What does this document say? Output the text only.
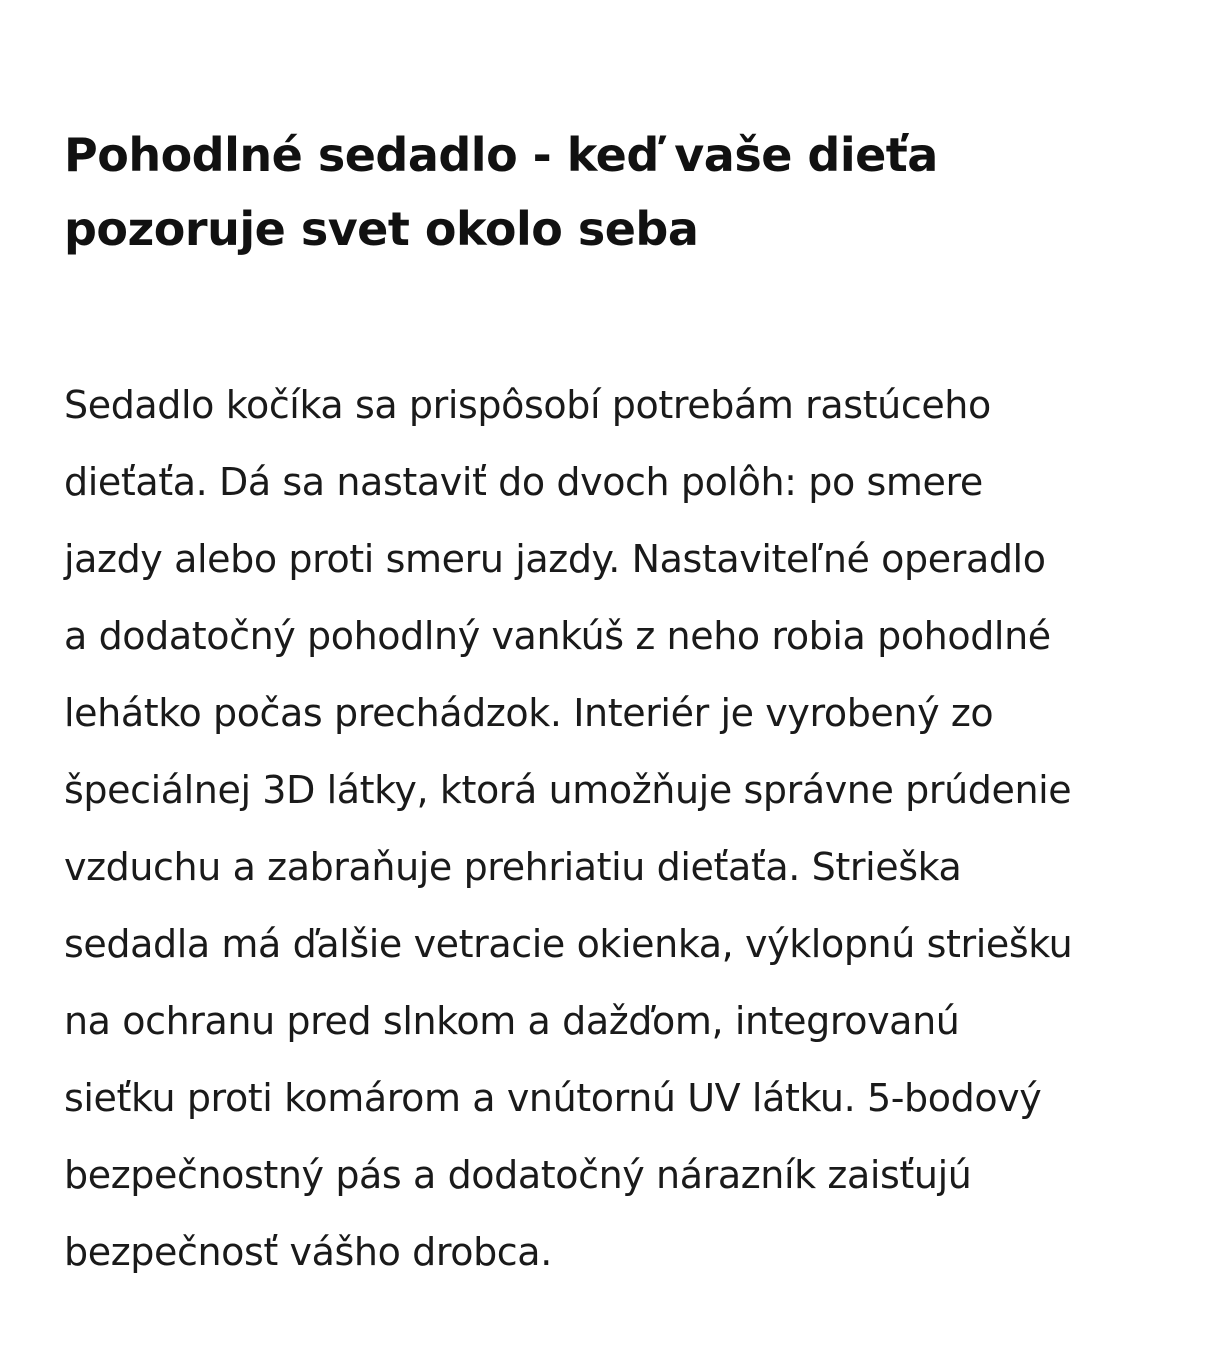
Pohodlné sedadlo - keď vaše dieťa
pozoruje svet okolo seba
Sedadlo kočíka sa prispôsobí potrebám rastúceho
dieťaťa. Dá sa nastaviť do dvoch polôh: po smere
jazdy alebo proti smeru jazdy. Nastaviteľné operadlo
a dodatočný pohodlný vankúš z neho robia pohodlné
lehátko počas prechádzok. Interiér je vyrobený zo
špeciálnej 3D látky, ktorá umožňuje správne prúdenie
vzduchu a zabraňuje prehriatiu dieťaťa. Strieška
sedadla má ďalšie vetracie okienka, výklopnú striešku
na ochranu pred slnkom a dažďom, integrovanú
sieťku proti komárom a vnútornú UV látku. 5-bodový
bezpečnostný pás a dodatočný nárazník zaisťujú
bezpečnosť vášho drobca.
